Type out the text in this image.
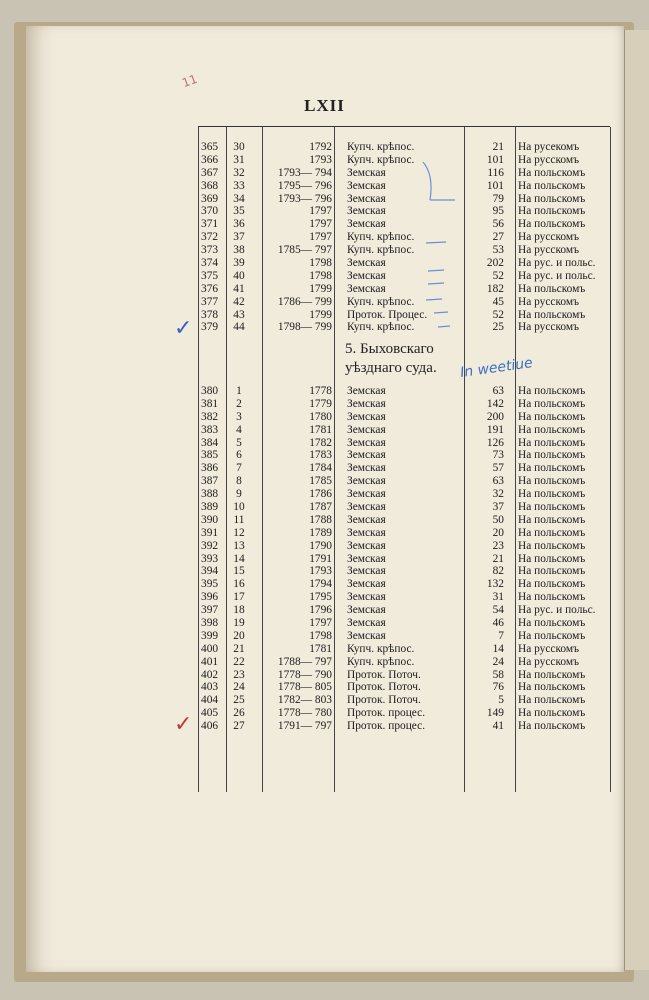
11
LXII
365	30	1792 Купч. крѣпос.	21 На русекомъ
366	31	1793 Купч. крѣпос.	101 На русскомъ
367	32	1793— 794 Земская	116 На польскомъ
368	33	1795— 796 Земская	101 На польскомъ
369	34	1793— 796 Земская	79 На польскомъ
370	35	1797 Земская	95 На польскомъ
371	36	1797 Земская	56 На польскомъ
372	37	1797 Купч. крѣпос.	27 На русскомъ
373	38	1785— 797 Купч. крѣпос.	53 На русскомъ
374	39	1798 Земская	202 На рус. и польс.
375	40	1798 Земская	52 На рус. и польс.
376	41	1799 Земская	182 На польскомъ
377	42	1786— 799 Купч. крѣпос.	45 На русскомъ
378	43	1799 Проток. Процес.	52 На польскомъ
379	44	1798— 799 Купч. крѣпос.	25 На русскомъ
5. Быховскаго
уѣзднаго суда.
380	1	1778 Земская	63 На польскомъ
381	2	1779 Земская	142 На польскомъ
382	3	1780 Земская	200 На польскомъ
383	4	1781 Земская	191 На польскомъ
384	5	1782 Земская	126 На польскомъ
385	6	1783 Земская	73 На польскомъ
386	7	1784 Земская	57 На польскомъ
387	8	1785 Земская	63 На польскомъ
388	9	1786 Земская	32 На польскомъ
389	10	1787 Земская	37 На польскомъ
390	11	1788 Земская	50 На польскомъ
391	12	1789 Земская	20 На польскомъ
392	13	1790 Земская	23 На польскомъ
393	14	1791 Земская	21 На польскомъ
394	15	1793 Земская	82 На польскомъ
395	16	1794 Земская	132 На польскомъ
396	17	1795 Земская	31 На польскомъ
397	18	1796 Земская	54 На рус. и польс.
398	19	1797 Земская	46 На польскомъ
399	20	1798 Земская	7 На польскомъ
400	21	1781 Купч. крѣпос.	14 На русскомъ
401	22	1788— 797 Купч. крѣпос.	24 На русскомъ
402	23	1778— 790 Проток. Поточ.	58 На польскомъ
403	24	1778— 805 Проток. Поточ.	76 На польскомъ
404	25	1782— 803 Проток. Поточ.	5 На польскомъ
405	26	1778— 780 Проток. процес.	149 На польскомъ
406	27	1791— 797 Проток. процес.	41 На польскомъ
In weetiue
✓
✓
